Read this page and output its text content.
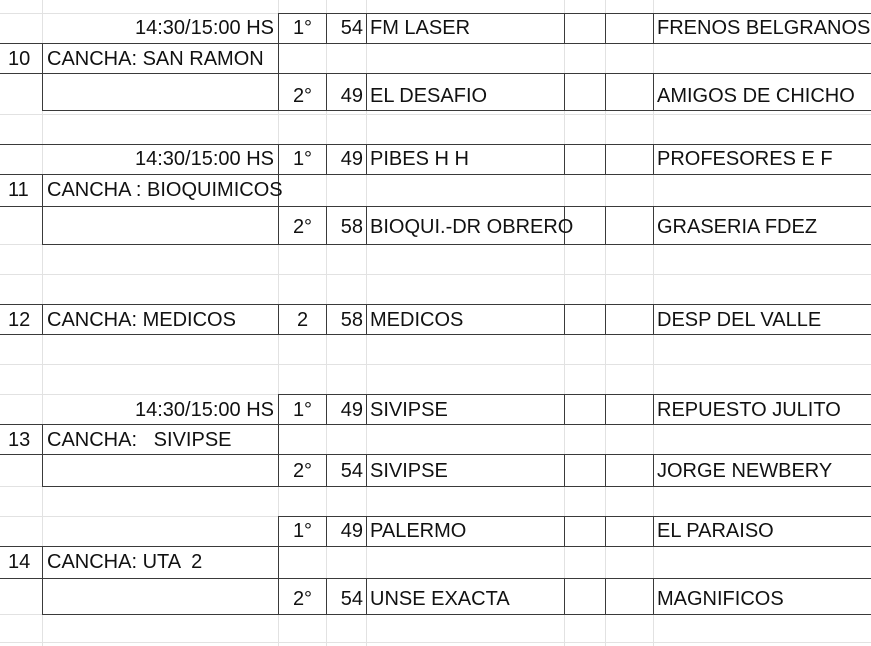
14:30/15:00 HS 1°	54 FM LASER	FRENOS BELGRANOS
10 CANCHA: SAN RAMON
2°	49 EL DESAFIO	AMIGOS DE CHICHO
14:30/15:00 HS 1°	49 PIBES H H	PROFESORES E F
11 CANCHA : BIOQUIMICOS
2°	58 BIOQUI.-DR OBRERO	GRASERIA FDEZ
12 CANCHA: MEDICOS	2	58 MEDICOS	DESP DEL VALLE
14:30/15:00 HS 1°	49 SIVIPSE	REPUESTO JULITO
13 CANCHA:   SIVIPSE
2°	54 SIVIPSE	JORGE NEWBERY
1°	49 PALERMO	EL PARAISO
14 CANCHA: UTA  2
2°	54 UNSE EXACTA	MAGNIFICOS
